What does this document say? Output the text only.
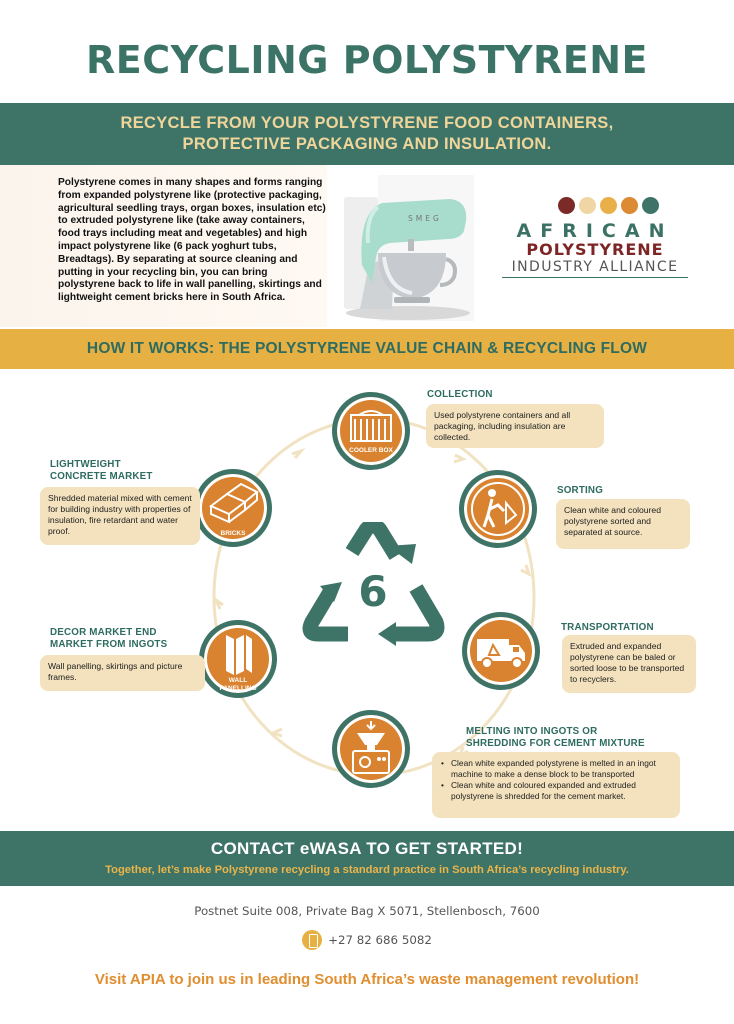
RECYCLING POLYSTYRENE
RECYCLE FROM YOUR POLYSTYRENE FOOD CONTAINERS,
PROTECTIVE PACKAGING AND INSULATION.
Polystyrene comes in many shapes and forms ranging from expanded polystyrene like (protective packaging, agricultural seedling trays, organ boxes, insulation etc) to extruded polystyrene like (take away containers, food trays including meat and vegetables) and high impact polystyrene like (6 pack yoghurt tubs, Breadtags). By separating at source cleaning and putting in your recycling bin, you can bring polystyrene back to life in wall panelling, skirtings and lightweight cement bricks here in South Africa.
SMEG
AFRICAN
POLYSTYRENE
INDUSTRY ALLIANCE
HOW IT WORKS: THE POLYSTYRENE VALUE CHAIN & RECYCLING FLOW
6
COOLER BOX
COLLECTION
Used polystyrene containers and all packaging, including insulation are collected.
SORTING
Clean white and coloured polystyrene sorted and separated at source.
TRANSPORTATION
Extruded and expanded polystyrene can be baled or sorted loose to be transported to recyclers.
MELTING INTO INGOTS OR
SHREDDING FOR CEMENT MIXTURE
• Clean white expanded polystyrene is melted in an ingot machine to make a dense block to be transported
• Clean white and coloured expanded and extruded polystyrene is shredded for the cement market.
WALL
PANELLING
DECOR MARKET END
MARKET FROM INGOTS
Wall panelling, skirtings and picture frames.
BRICKS
LIGHTWEIGHT
CONCRETE MARKET
Shredded material mixed with cement for building industry with properties of insulation, fire retardant and water proof.
CONTACT eWASA TO GET STARTED!
Together, let’s make Polystyrene recycling a standard practice in South Africa’s recycling industry.
Postnet Suite 008, Private Bag X 5071, Stellenbosch, 7600
+27 82 686 5082
Visit APIA to join us in leading South Africa’s waste management revolution!
